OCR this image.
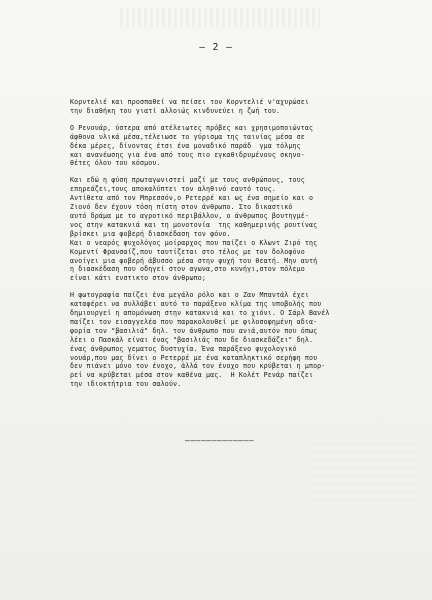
— 2 —
Κορντελιέ και προσπαθεί να πείσει τον Κορντελιέ ν'αχυρώσει
την διαθήκη του γιατί αλλοιώς κινδυνεύει η ζωή του.
Ο Ρενουάρ, ύστερα από ατέλειωτες πρόβες και χρησιμοποιώντας
άφθονα υλικά μέσα,τέλειωσε το γύρισμα της ταινίας μέσα σε
δέκα μέρες, δίνοντας έτσι ένα μοναδικό παράδ  γμα τόλμης
και ανανέωσης για ένα από τους πιο εγκαθιδρυμένους σκηνο-
θέτες όλου του κόσμου.
Και εδώ η φύση πρωταγωνιστεί μαζί με τους ανθρώπους, τους
επηρεάζει,τους αποκαλύπτει τον αληθινό εαυτό τους.
Αντίθετα από τον Μπρεσσόν,ο Ρετερρέ και ως ένα σημείο και ο
Ζιονό δεν έχουν τόση πίστη στον άνθρωπο. Στο δικαστικό
αυτό δράμα με το αγροτικό περιβάλλον, ο άνθρωπος βουτηγμέ-
νος στην κατακνιά και τη μονοτονία  της καθημερινής ρουτίνας
βρίσκει μια φοβερή διασκέδαση τον φόνο.
Και ο νεαρός ψυχολόγος μοίραρχος που παίζει ο Κλωντ Ζιρό της
Κομεντί Φρανσαίζ,που ταυτίζεται στο τέλος με τον δολοφόνο
ανοίγει μια φοβερή άβυσσο μέσα στην ψυχή του θεατή. Μην αυτή
η διασκέδαση που οδηγεί στον αγωνα,στο κυνήγι,στον πόλεμο
είναι κάτι ενστικτο στον άνθρωπο;
Η φωτογραφία παίζει ένα μεγάλο ρόλο και ο Ζαν Μπαντάλ έχει
καταφέρει να συλλάβει αυτό το παράξενο κλίμα της υποβολής που
δημιουργεί η απομόνωση στην κατακνιά και το χιόνι. Ο Σάρλ Βανέλ
παίζει τον εισαγγελέα που παρακολουθεί με φιλοσοφημένη αδια-
φορία τον "βασιλιά" δηλ. τον άνθρωπο που ανιά,αυτόν που όπως
λέει ο Πασκάλ είναι ένας "βασιλιάς που δε διασκεδάζει" δηλ.
ένας άνθρωπος γεματος δυστυχία. Ένα παράξενο ψυχολογικό
νουάρ,που μας δίνει ο Ρετερρέ με ένα καταπληκτικό σερήφη που
δεν πιάνει μόνο τον ένοχο, άλλά τον ένοχο που κρύβεται η μπορ-
ρεί να κρύβεται μέσα στον καθένα μας.  Η Κολέτ Ρενάρ παίζει
την ιδιοκτήτρια του σαλούν.
—————————————
